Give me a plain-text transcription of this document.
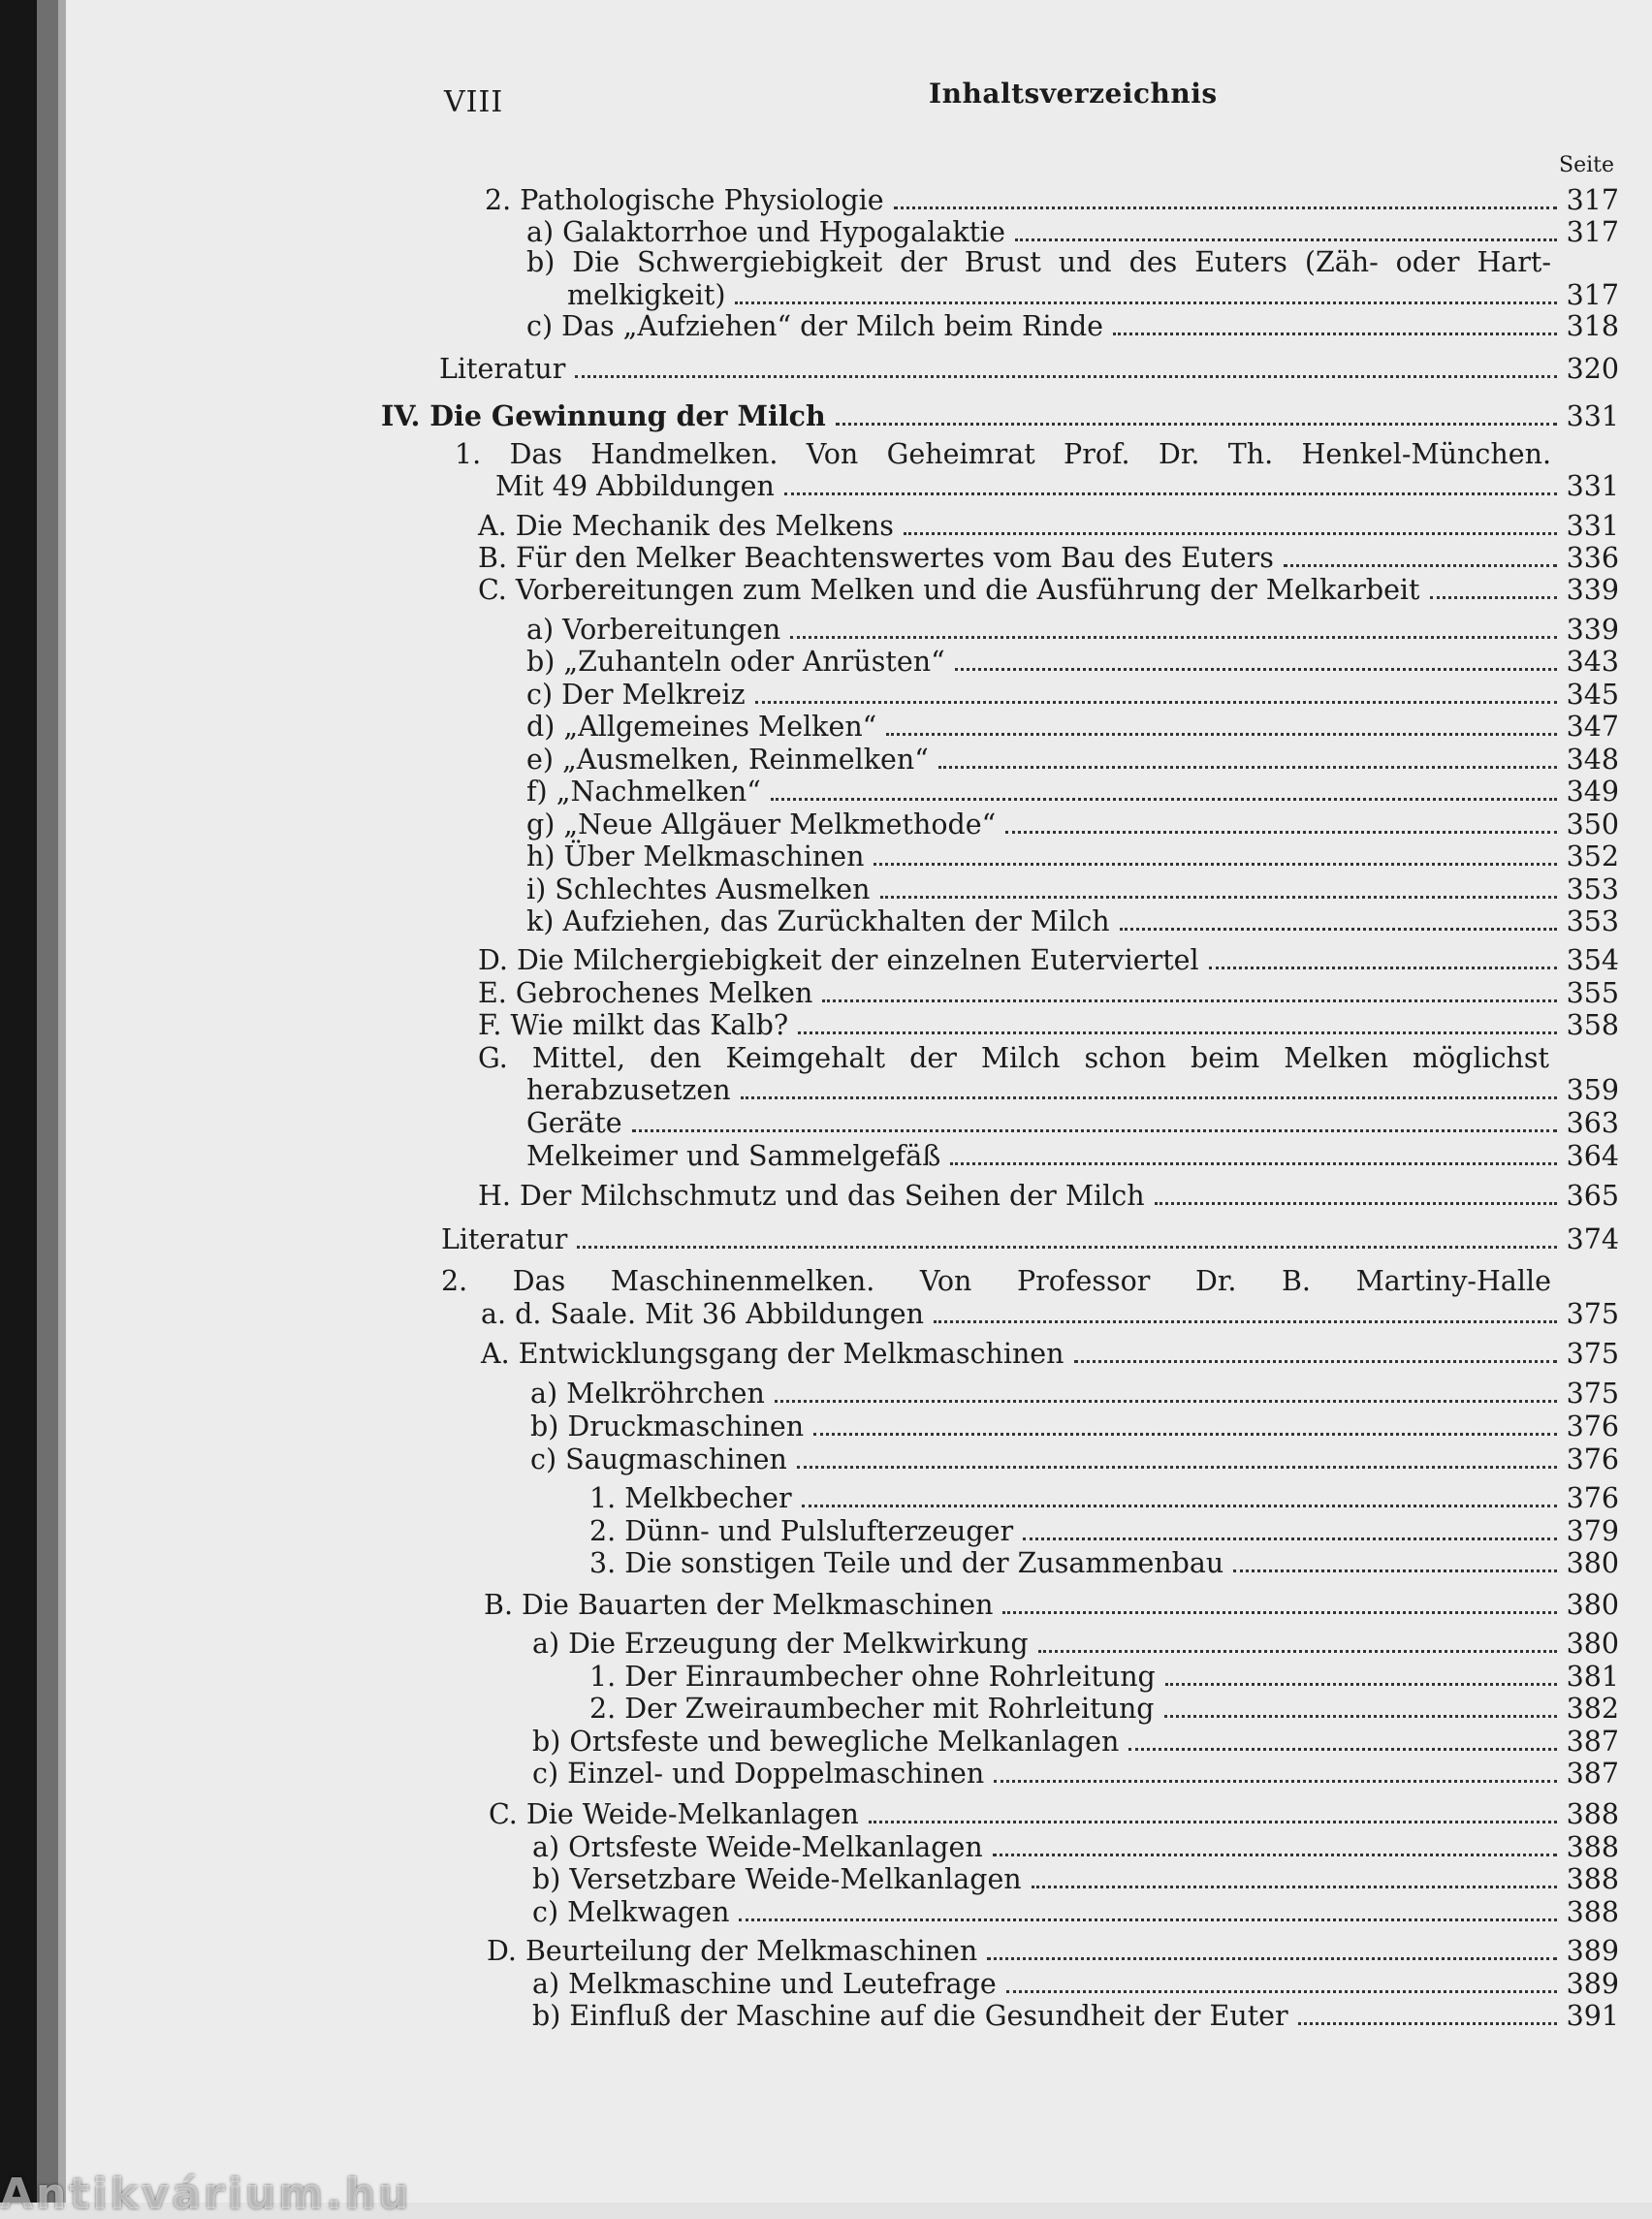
VIII	Inhaltsverzeichnis
Seite
2. Pathologische Physiologie	317
a) Galaktorrhoe und Hypogalaktie	317
b) Die Schwergiebigkeit der Brust und des Euters (Zäh- oder Hart-
melkigkeit)	317
c) Das „Aufziehen“ der Milch beim Rinde	318
Literatur	320
IV. Die Gewinnung der Milch	331
1. Das Handmelken. Von Geheimrat Prof. Dr. Th. Henkel-München.
Mit 49 Abbildungen	331
A. Die Mechanik des Melkens	331
B. Für den Melker Beachtenswertes vom Bau des Euters	336
C. Vorbereitungen zum Melken und die Ausführung der Melkarbeit	339
a) Vorbereitungen	339
b) „Zuhanteln oder Anrüsten“	343
c) Der Melkreiz	345
d) „Allgemeines Melken“	347
e) „Ausmelken, Reinmelken“	348
f) „Nachmelken“	349
g) „Neue Allgäuer Melkmethode“	350
h) Über Melkmaschinen	352
i) Schlechtes Ausmelken	353
k) Aufziehen, das Zurückhalten der Milch	353
D. Die Milchergiebigkeit der einzelnen Euterviertel	354
E. Gebrochenes Melken	355
F. Wie milkt das Kalb?	358
G. Mittel, den Keimgehalt der Milch schon beim Melken möglichst
herabzusetzen	359
Geräte	363
Melkeimer und Sammelgefäß	364
H. Der Milchschmutz und das Seihen der Milch	365
Literatur	374
2. Das Maschinenmelken. Von Professor Dr. B. Martiny-Halle
a. d. Saale. Mit 36 Abbildungen	375
A. Entwicklungsgang der Melkmaschinen	375
a) Melkröhrchen	375
b) Druckmaschinen	376
c) Saugmaschinen	376
1. Melkbecher	376
2. Dünn- und Pulslufterzeuger	379
3. Die sonstigen Teile und der Zusammenbau	380
B. Die Bauarten der Melkmaschinen	380
a) Die Erzeugung der Melkwirkung	380
1. Der Einraumbecher ohne Rohrleitung	381
2. Der Zweiraumbecher mit Rohrleitung	382
b) Ortsfeste und bewegliche Melkanlagen	387
c) Einzel- und Doppelmaschinen	387
C. Die Weide-Melkanlagen	388
a) Ortsfeste Weide-Melkanlagen	388
b) Versetzbare Weide-Melkanlagen	388
c) Melkwagen	388
D. Beurteilung der Melkmaschinen	389
a) Melkmaschine und Leutefrage	389
b) Einfluß der Maschine auf die Gesundheit der Euter	391
Antikvárium.hu
